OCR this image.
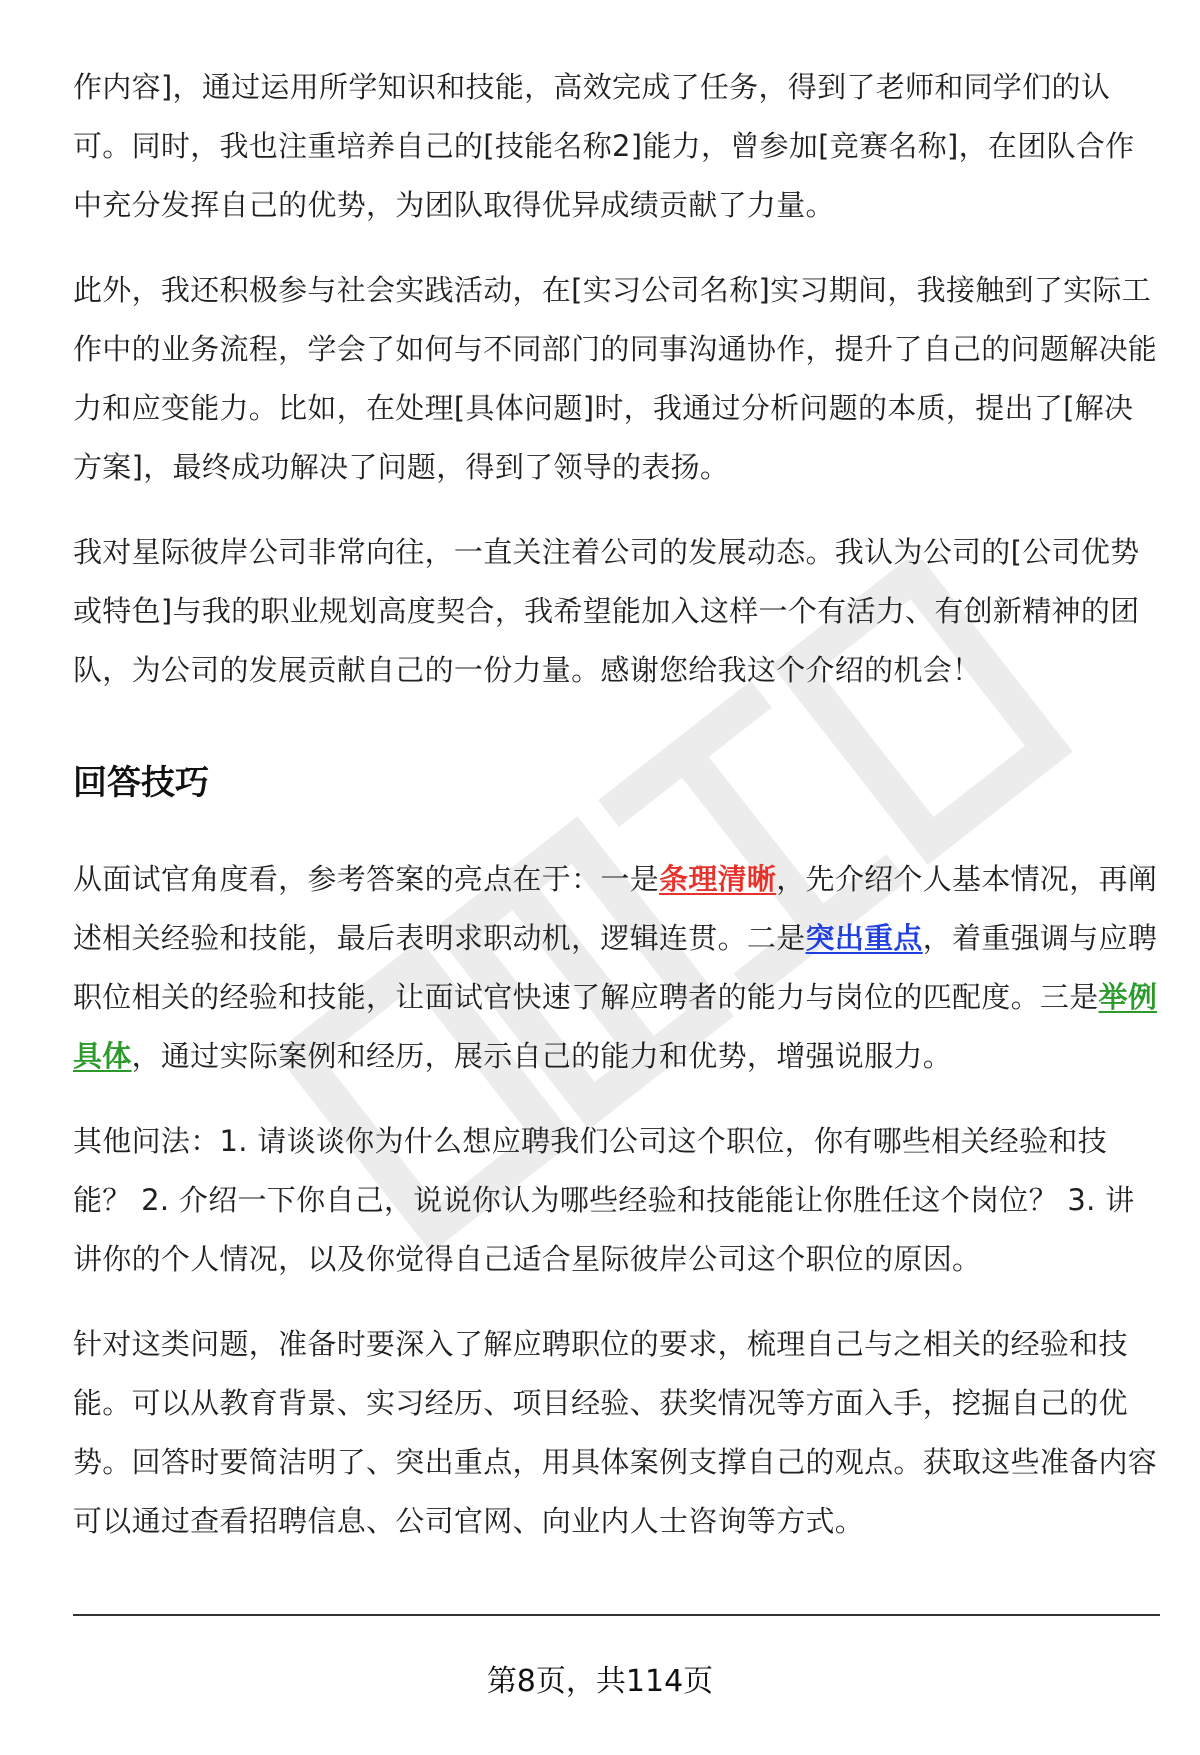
作内容]，通过运用所学知识和技能，高效完成了任务，得到了老师和同学们的认可。同时，我也注重培养自己的[技能名称2]能力，曾参加[竞赛名称]，在团队合作中充分发挥自己的优势，为团队取得优异成绩贡献了力量。

此外，我还积极参与社会实践活动，在[实习公司名称]实习期间，我接触到了实际工作中的业务流程，学会了如何与不同部门的同事沟通协作，提升了自己的问题解决能力和应变能力。比如，在处理[具体问题]时，我通过分析问题的本质，提出了[解决方案]，最终成功解决了问题，得到了领导的表扬。

我对星际彼岸公司非常向往，一直关注着公司的发展动态。我认为公司的[公司优势或特色]与我的职业规划高度契合，我希望能加入这样一个有活力、有创新精神的团队，为公司的发展贡献自己的一份力量。感谢您给我这个介绍的机会！

回答技巧

从面试官角度看，参考答案的亮点在于：一是条理清晰，先介绍个人基本情况，再阐述相关经验和技能，最后表明求职动机，逻辑连贯。二是突出重点，着重强调与应聘职位相关的经验和技能，让面试官快速了解应聘者的能力与岗位的匹配度。三是举例具体，通过实际案例和经历，展示自己的能力和优势，增强说服力。

其他问法：1. 请谈谈你为什么想应聘我们公司这个职位，你有哪些相关经验和技能？ 2. 介绍一下你自己，说说你认为哪些经验和技能能让你胜任这个岗位？ 3. 讲讲你的个人情况，以及你觉得自己适合星际彼岸公司这个职位的原因。

针对这类问题，准备时要深入了解应聘职位的要求，梳理自己与之相关的经验和技能。可以从教育背景、实习经历、项目经验、获奖情况等方面入手，挖掘自己的优势。回答时要简洁明了、突出重点，用具体案例支撑自己的观点。获取这些准备内容可以通过查看招聘信息、公司官网、向业内人士咨询等方式。

第8页，共114页
